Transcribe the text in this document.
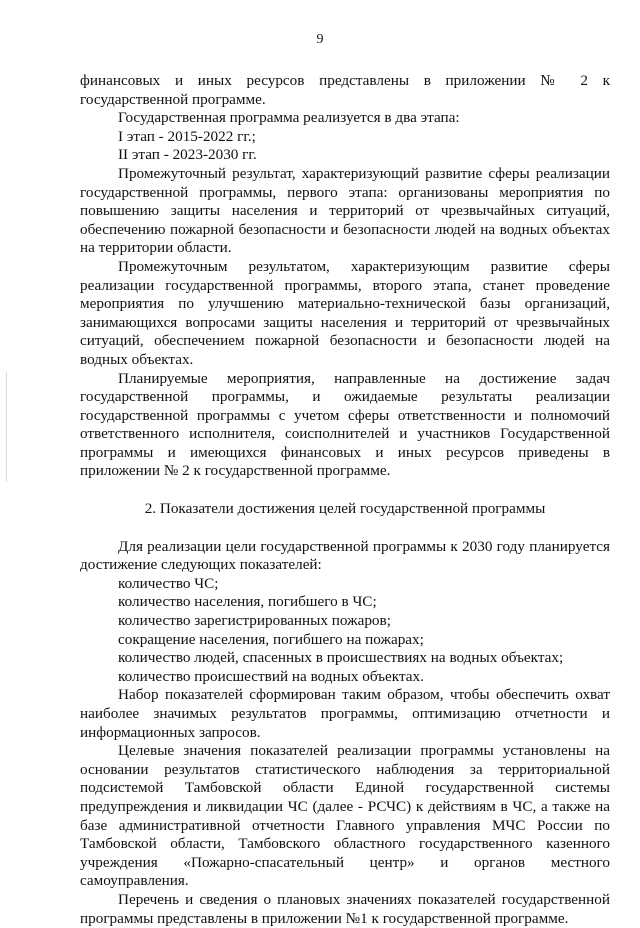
9

финансовых и иных ресурсов представлены в приложении № 2 к государственной программе.

Государственная программа реализуется в два этапа:

I этап - 2015-2022 гг.;

II этап - 2023-2030 гг.

Промежуточный результат, характеризующий развитие сферы реализации государственной программы, первого этапа: организованы мероприятия по повышению защиты населения и территорий от чрезвычайных ситуаций, обеспечению пожарной безопасности и безопасности людей на водных объектах на территории области.

Промежуточным результатом, характеризующим развитие сферы реализации государственной программы, второго этапа, станет проведение мероприятия по улучшению материально-технической базы организаций, занимающихся вопросами защиты населения и территорий от чрезвычайных ситуаций, обеспечением пожарной безопасности и безопасности людей на водных объектах.

Планируемые мероприятия, направленные на достижение задач государственной программы, и ожидаемые результаты реализации государственной программы с учетом сферы ответственности и полномочий ответственного исполнителя, соисполнителей и участников Государственной программы и имеющихся финансовых и иных ресурсов приведены в приложении № 2 к государственной программе.

2. Показатели достижения целей государственной программы

Для реализации цели государственной программы к 2030 году планируется достижение следующих показателей:

количество ЧС;

количество населения, погибшего в ЧС;

количество зарегистрированных пожаров;

сокращение населения, погибшего на пожарах;

количество людей, спасенных в происшествиях на водных объектах;

количество происшествий на водных объектах.

Набор показателей сформирован таким образом, чтобы обеспечить охват наиболее значимых результатов программы, оптимизацию отчетности и информационных запросов.

Целевые значения показателей реализации программы установлены на основании результатов статистического наблюдения за территориальной подсистемой Тамбовской области Единой государственной системы предупреждения и ликвидации ЧС (далее - РСЧС) к действиям в ЧС, а также на базе административной отчетности Главного управления МЧС России по Тамбовской области, Тамбовского областного государственного казенного учреждения «Пожарно-спасательный центр» и органов местного самоуправления.

Перечень и сведения о плановых значениях показателей государственной программы представлены в приложении №1 к государственной программе.
